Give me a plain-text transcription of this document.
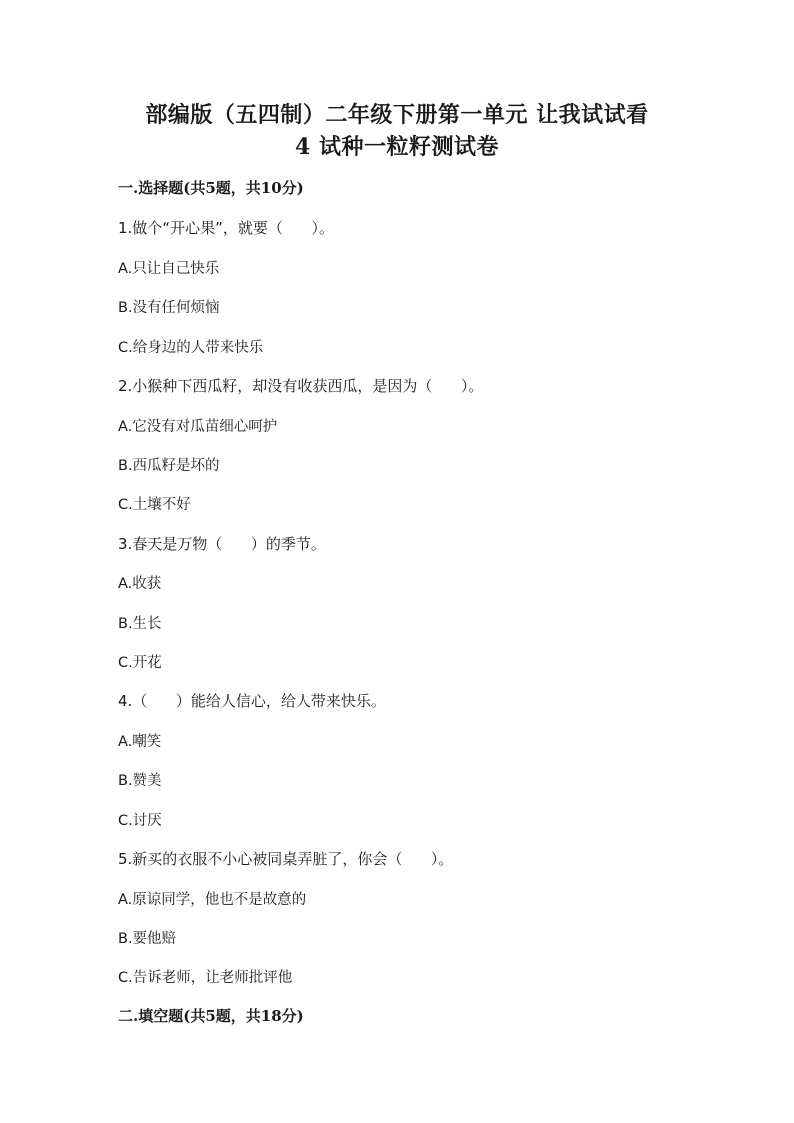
部编版（五四制）二年级下册第一单元 让我试试看
4 试种一粒籽测试卷
一.选择题(共5题，共10分)
1.做个“开心果”，就要（      ）。
A.只让自己快乐
B.没有任何烦恼
C.给身边的人带来快乐
2.小猴种下西瓜籽，却没有收获西瓜，是因为（      ）。
A.它没有对瓜苗细心呵护
B.西瓜籽是坏的
C.土壤不好
3.春天是万物（      ）的季节。
A.收获
B.生长
C.开花
4.（      ）能给人信心，给人带来快乐。
A.嘲笑
B.赞美
C.讨厌
5.新买的衣服不小心被同桌弄脏了，你会（      ）。
A.原谅同学，他也不是故意的
B.要他赔
C.告诉老师，让老师批评他
二.填空题(共5题，共18分)
